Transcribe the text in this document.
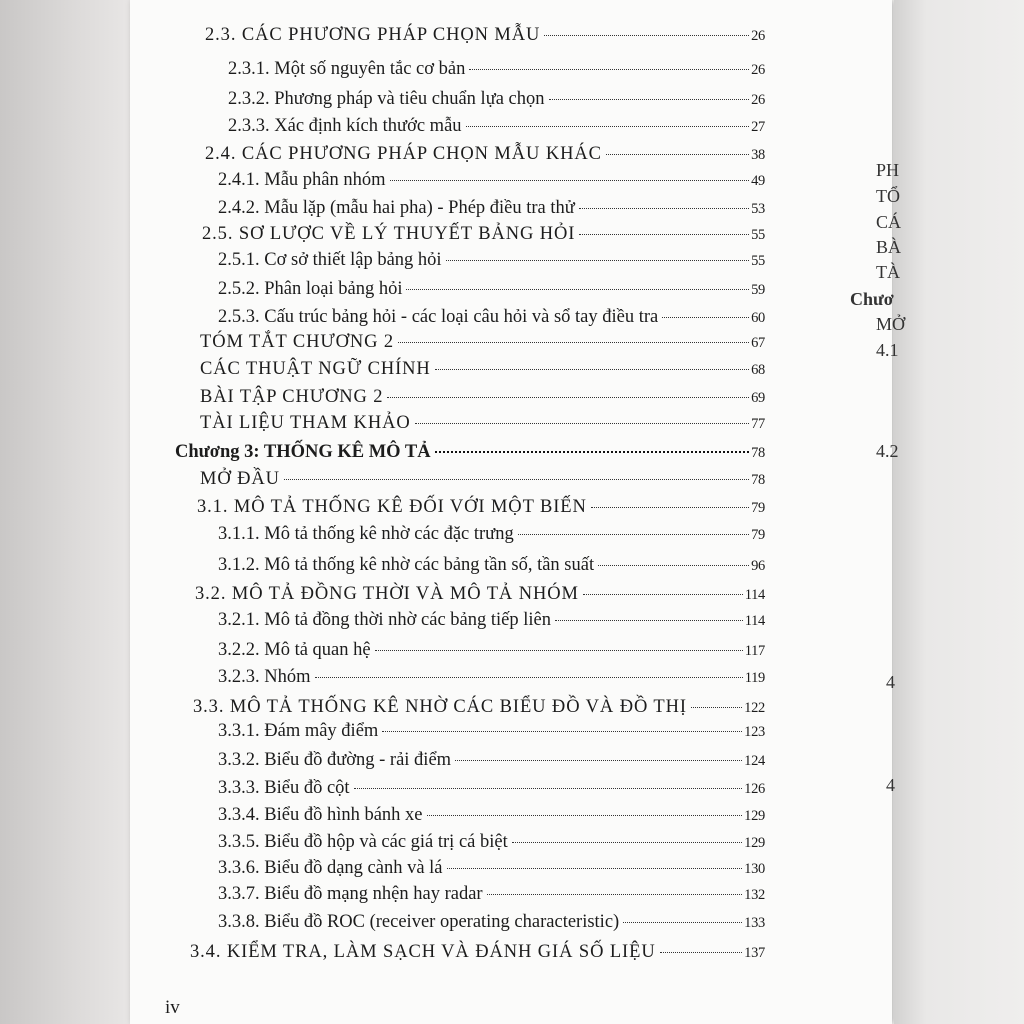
2.3. CÁC PHƯƠNG PHÁP CHỌN MẪU	26
2.3.1. Một số nguyên tắc cơ bản	26
2.3.2. Phương pháp và tiêu chuẩn lựa chọn	26
2.3.3. Xác định kích thước mẫu	27
2.4. CÁC PHƯƠNG PHÁP CHỌN MẪU KHÁC	38
2.4.1. Mẫu phân nhóm	49
2.4.2. Mẫu lặp (mẫu hai pha) - Phép điều tra thử	53
2.5. SƠ LƯỢC VỀ LÝ THUYẾT BẢNG HỎI	55
2.5.1. Cơ sở thiết lập bảng hỏi	55
2.5.2. Phân loại bảng hỏi	59
2.5.3. Cấu trúc bảng hỏi - các loại câu hỏi và sổ tay điều tra	60
TÓM TẮT CHƯƠNG 2	67
CÁC THUẬT NGỮ CHÍNH	68
BÀI TẬP CHƯƠNG 2	69
TÀI LIỆU THAM KHẢO	77
Chương 3: THỐNG KÊ MÔ TẢ	78
MỞ ĐẦU	78
3.1. MÔ TẢ THỐNG KÊ ĐỐI VỚI MỘT BIẾN	79
3.1.1. Mô tả thống kê nhờ các đặc trưng	79
3.1.2. Mô tả thống kê nhờ các bảng tần số, tần suất	96
3.2. MÔ TẢ ĐỒNG THỜI VÀ MÔ TẢ NHÓM	114
3.2.1. Mô tả đồng thời nhờ các bảng tiếp liên	114
3.2.2. Mô tả quan hệ	117
3.2.3. Nhóm	119
3.3. MÔ TẢ THỐNG KÊ NHỜ CÁC BIỂU ĐỒ VÀ ĐỒ THỊ	122
3.3.1. Đám mây điểm	123
3.3.2. Biểu đồ đường - rải điểm	124
3.3.3. Biểu đồ cột	126
3.3.4. Biểu đồ hình bánh xe	129
3.3.5. Biểu đồ hộp và các giá trị cá biệt	129
3.3.6. Biểu đồ dạng cành và lá	130
3.3.7. Biểu đồ mạng nhện hay radar	132
3.3.8. Biểu đồ ROC (receiver operating characteristic)	133
3.4. KIỂM TRA, LÀM SẠCH VÀ ĐÁNH GIÁ SỐ LIỆU	137
iv
PH
TỔ
CÁ
BÀ
TÀ
Chươ
MỞ
4.1
4.2
4
4
